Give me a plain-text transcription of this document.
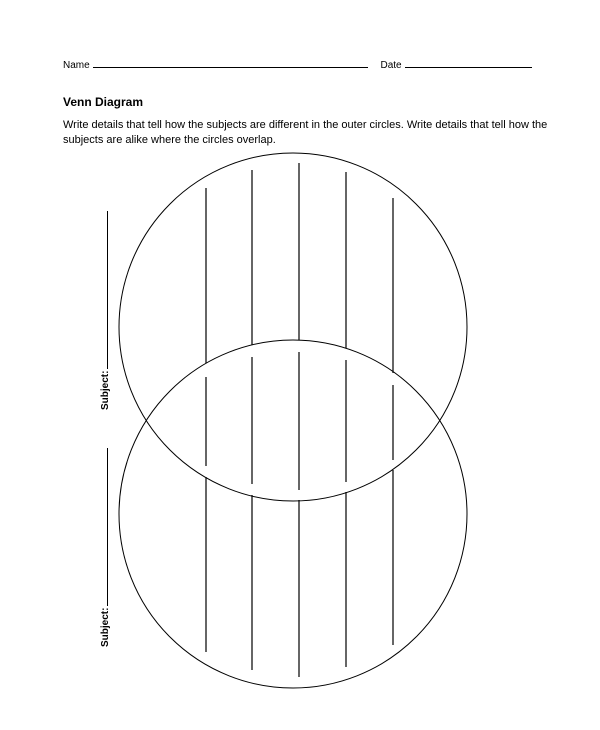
Name	Date
Venn Diagram
Write details that tell how the subjects are different in the outer circles. Write details that tell how the subjects are alike where the circles overlap.
Subject:
Subject:
